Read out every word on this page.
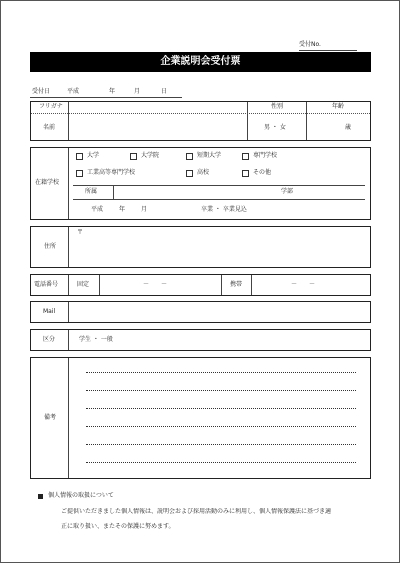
受付No.
企業説明会受付票
受付日	平成	年	月	日
フリガナ
名前
性別	年齢
男 ・ 女	歳
在籍学校
大学	大学院	短期大学	専門学校
工業高等専門学校	高校	その他
所属	学部
平成	年	月	卒業 ・ 卒業見込
住所
〒
電話番号	固定	－　　－	携帯	－　　－
Mail
区分	学生 ・ 一般
備考
個人情報の取扱について
ご提供いただきました個人情報は、説明会および採用活動のみに利用し、個人情報保護法に基づき適
正に取り扱い、またその保護に努めます。
